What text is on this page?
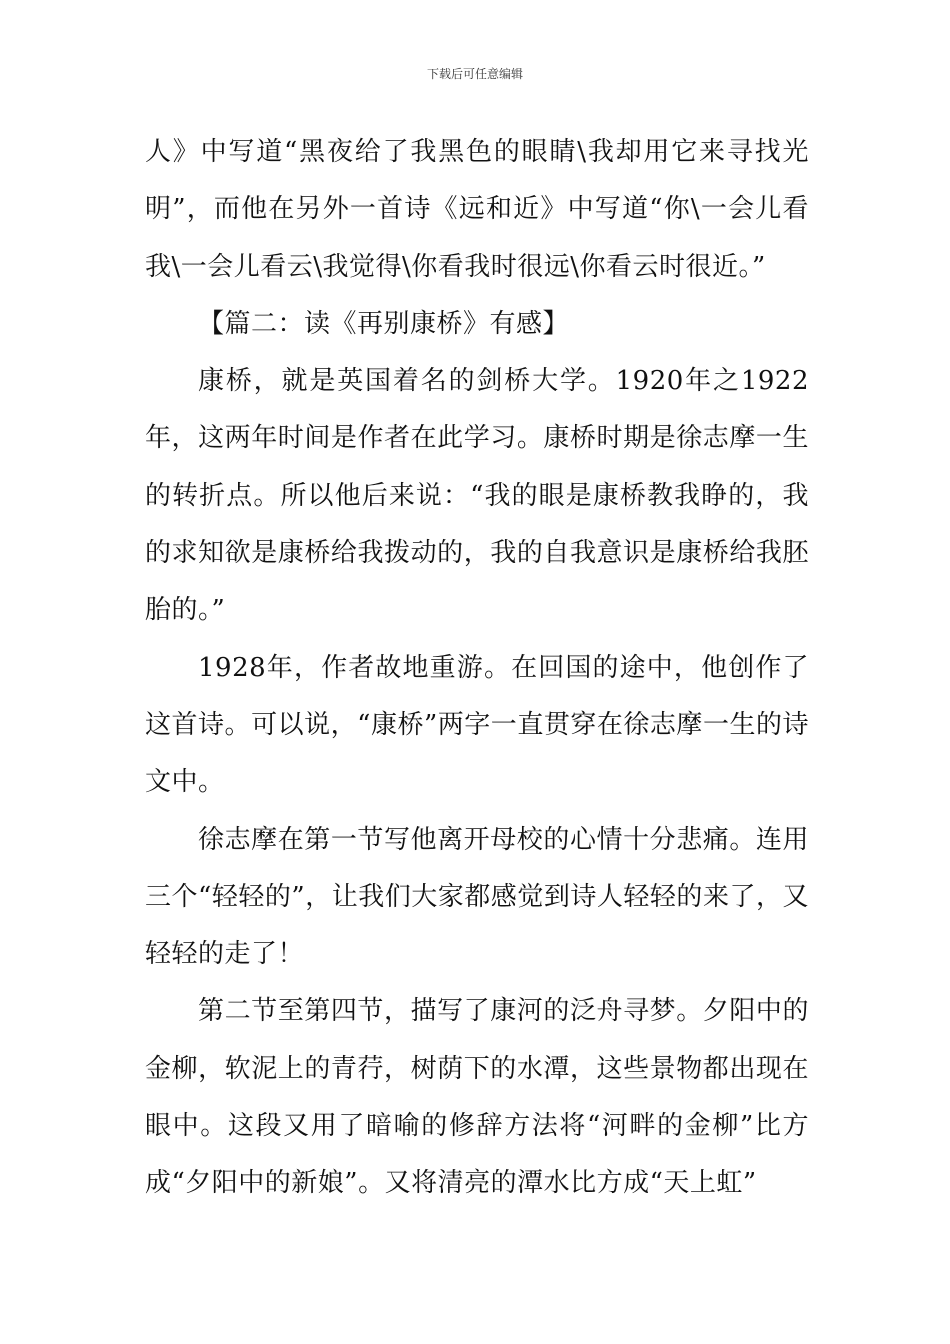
下载后可任意编辑

人》中写道“黑夜给了我黑色的眼睛\我却用它来寻找光明”，而他在另外一首诗《远和近》中写道“你\一会儿看我\一会儿看云\我觉得\你看我时很远\你看云时很近。”

【篇二：读《再别康桥》有感】

康桥，就是英国着名的剑桥大学。1920年之1922年，这两年时间是作者在此学习。康桥时期是徐志摩一生的转折点。所以他后来说：“我的眼是康桥教我睁的，我的求知欲是康桥给我拨动的，我的自我意识是康桥给我胚胎的。”

1928年，作者故地重游。在回国的途中，他创作了这首诗。可以说，“康桥”两字一直贯穿在徐志摩一生的诗文中。

徐志摩在第一节写他离开母校的心情十分悲痛。连用三个“轻轻的”，让我们大家都感觉到诗人轻轻的来了，又轻轻的走了！

第二节至第四节，描写了康河的泛舟寻梦。夕阳中的金柳，软泥上的青荇，树荫下的水潭，这些景物都出现在眼中。这段又用了暗喻的修辞方法将“河畔的金柳”比方成“夕阳中的新娘”。又将清亮的潭水比方成“天上虹”
